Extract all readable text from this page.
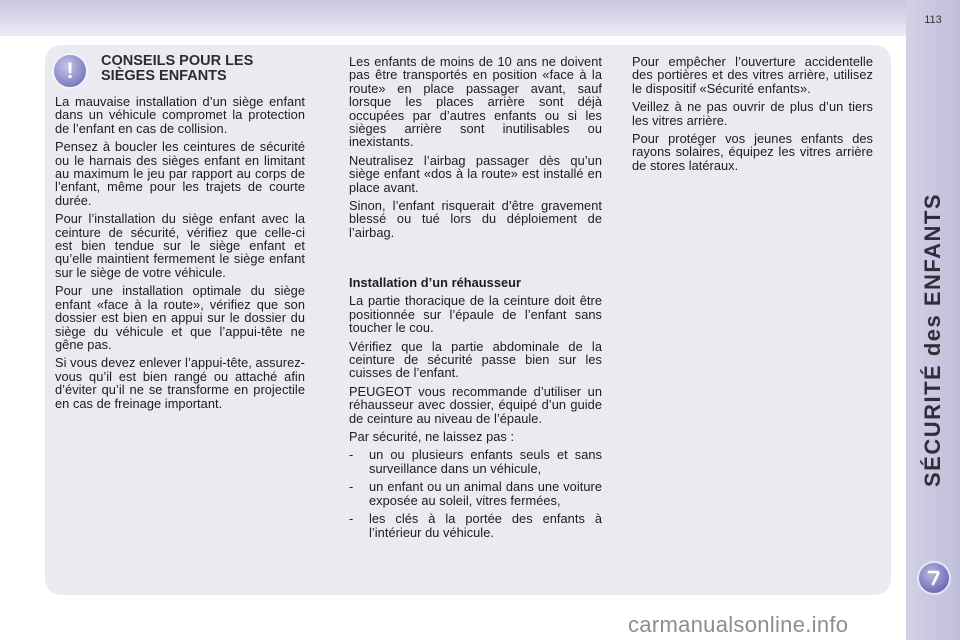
113
SÉCURITÉ des ENFANTS
! CONSEILS POUR LES SIÈGES ENFANTS

La mauvaise installation d’un siège enfant dans un véhicule compromet la protection de l’enfant en cas de collision.

Pensez à boucler les ceintures de sécurité ou le harnais des sièges enfant en limitant au maximum le jeu par rapport au corps de l’enfant, même pour les trajets de courte durée.

Pour l’installation du siège enfant avec la ceinture de sécurité, vérifiez que celle-ci est bien tendue sur le siège enfant et qu’elle maintient fermement le siège enfant sur le siège de votre véhicule.

Pour une installation optimale du siège enfant «face à la route», vérifiez que son dossier est bien en appui sur le dossier du siège du véhicule et que l’appui-tête ne gêne pas.

Si vous devez enlever l’appui-tête, assurez-vous qu’il est bien rangé ou attaché afin d’éviter qu’il ne se transforme en projectile en cas de freinage important.

Les enfants de moins de 10 ans ne doivent pas être transportés en position «face à la route» en place passager avant, sauf lorsque les places arrière sont déjà occupées par d’autres enfants ou si les sièges arrière sont inutilisables ou inexistants.

Neutralisez l’airbag passager dès qu’un siège enfant «dos à la route» est installé en place avant.

Sinon, l’enfant risquerait d’être gravement blessé ou tué lors du déploiement de l’airbag.

Installation d’un réhausseur

La partie thoracique de la ceinture doit être positionnée sur l’épaule de l’enfant sans toucher le cou.

Vérifiez que la partie abdominale de la ceinture de sécurité passe bien sur les cuisses de l’enfant.

PEUGEOT vous recommande d’utiliser un réhausseur avec dossier, équipé d’un guide de ceinture au niveau de l’épaule.

Par sécurité, ne laissez pas :

- un ou plusieurs enfants seuls et sans surveillance dans un véhicule,
- un enfant ou un animal dans une voiture exposée au soleil, vitres fermées,
- les clés à la portée des enfants à l’intérieur du véhicule.

Pour empêcher l’ouverture accidentelle des portières et des vitres arrière, utilisez le dispositif «Sécurité enfants».

Veillez à ne pas ouvrir de plus d’un tiers les vitres arrière.

Pour protéger vos jeunes enfants des rayons solaires, équipez les vitres arrière de stores latéraux.

carmanualsonline.info
